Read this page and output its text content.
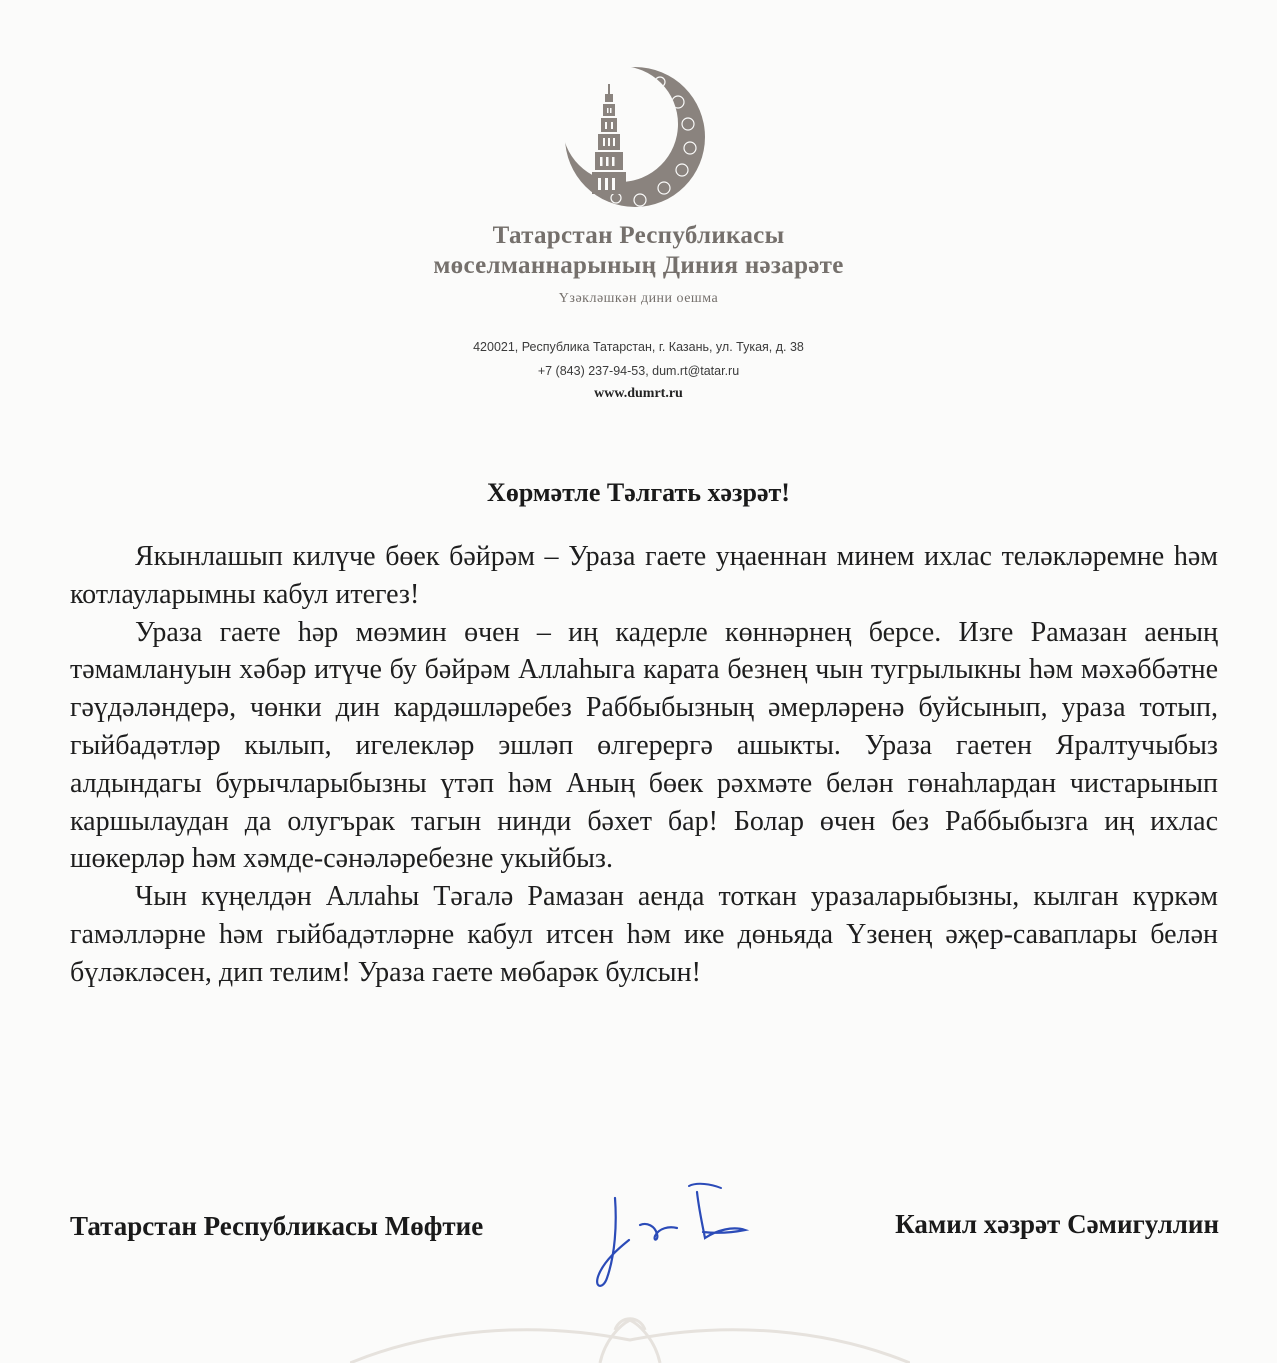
Татарстан Республикасы
мөселманнарының Диния нәзарәте
Үзәкләшкән дини оешма
420021, Республика Татарстан, г. Казань, ул. Тукая, д. 38
+7 (843) 237-94-53, dum.rt@tatar.ru
www.dumrt.ru
Хөрмәтле Тәлгать хәзрәт!

Якынлашып килүче бөек бәйрәм – Ураза гаете уңаеннан минем ихлас теләкләремне һәм котлауларымны кабул итегез!

Ураза гаете һәр мөэмин өчен – иң кадерле көннәрнең берсе. Изге Рамазан аеның тәмамлануын хәбәр итүче бу бәйрәм Аллаһыга карата безнең чын тугрылыкны һәм мәхәббәтне гәүдәләндерә, чөнки дин кардәшләребез Раббыбызның әмерләренә буйсынып, ураза тотып, гыйбадәтләр кылып, игелекләр эшләп өлгерергә ашыкты. Ураза гаетен Яралтучыбыз алдындагы бурычларыбызны үтәп һәм Аның бөек рәхмәте белән гөнаһлардан чистарынып каршылаудан да олугърак тагын нинди бәхет бар! Болар өчен без Раббыбызга иң ихлас шөкерләр һәм хәмде-сәнәләребезне укыйбыз.

Чын күңелдән Аллаһы Тәгалә Рамазан аенда тоткан уразаларыбызны, кылган күркәм гамәлләрне һәм гыйбадәтләрне кабул итсен һәм ике дөньяда Үзенең әҗер-саваплары белән бүләкләсен, дип телим! Ураза гаете мөбарәк булсын!

Татарстан Республикасы Мөфтие	Камил хәзрәт Сәмигуллин
